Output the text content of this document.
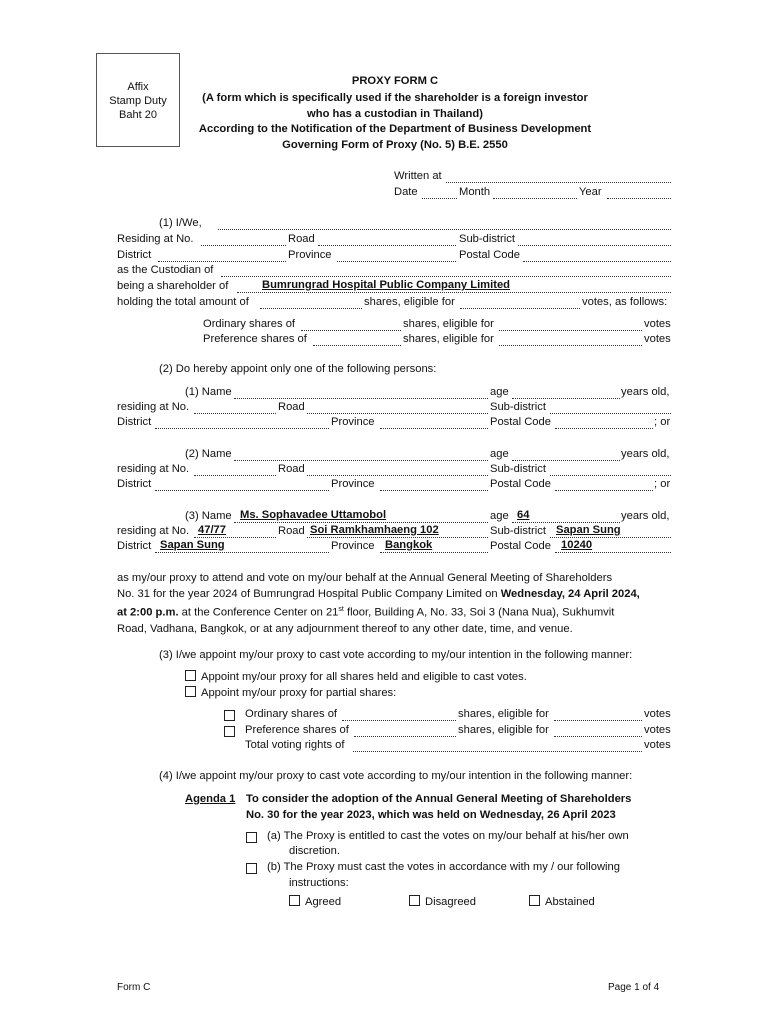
Affix
Stamp Duty
Baht 20
PROXY FORM C
(A form which is specifically used if the shareholder is a foreign investor
who has a custodian in Thailand)
According to the Notification of the Department of Business Development
Governing Form of Proxy (No. 5) B.E. 2550
Written at
Date	Month	Year
(1) I/We,
Residing at No.	Road	Sub-district
District	Province	Postal Code
as the Custodian of
being a shareholder of	Bumrungrad Hospital Public Company Limited
holding the total amount of	shares, eligible for	votes, as follows:
Ordinary shares of	shares, eligible for	votes
Preference shares of	shares, eligible for	votes
(2) Do hereby appoint only one of the following persons:
(1) Name	age	years old,
residing at No.	Road	Sub-district
District	Province	Postal Code	; or
(2) Name	age	years old,
residing at No.	Road	Sub-district
District	Province	Postal Code	; or
(3) Name Ms. Sophavadee Uttamobol	age 64	years old,
residing at No. 47/77	Road Soi Ramkhamhaeng 102	Sub-district Sapan Sung
District Sapan Sung	Province Bangkok	Postal Code 10240
as my/our proxy to attend and vote on my/our behalf at the Annual General Meeting of Shareholders
No. 31 for the year 2024 of Bumrungrad Hospital Public Company Limited on Wednesday, 24 April 2024,
at 2:00 p.m. at the Conference Center on 21st floor, Building A, No. 33, Soi 3 (Nana Nua), Sukhumvit
Road, Vadhana, Bangkok, or at any adjournment thereof to any other date, time, and venue.
(3) I/we appoint my/our proxy to cast vote according to my/our intention in the following manner:
Appoint my/our proxy for all shares held and eligible to cast votes.
Appoint my/our proxy for partial shares:
Ordinary shares of	shares, eligible for	votes
Preference shares of	shares, eligible for	votes
Total voting rights of	votes
(4) I/we appoint my/our proxy to cast vote according to my/our intention in the following manner:
Agenda 1 To consider the adoption of the Annual General Meeting of Shareholders
No. 30 for the year 2023, which was held on Wednesday, 26 April 2023
(a) The Proxy is entitled to cast the votes on my/our behalf at his/her own
discretion.
(b) The Proxy must cast the votes in accordance with my / our following
instructions:
Agreed	Disagreed	Abstained
Form C	Page 1 of 4
